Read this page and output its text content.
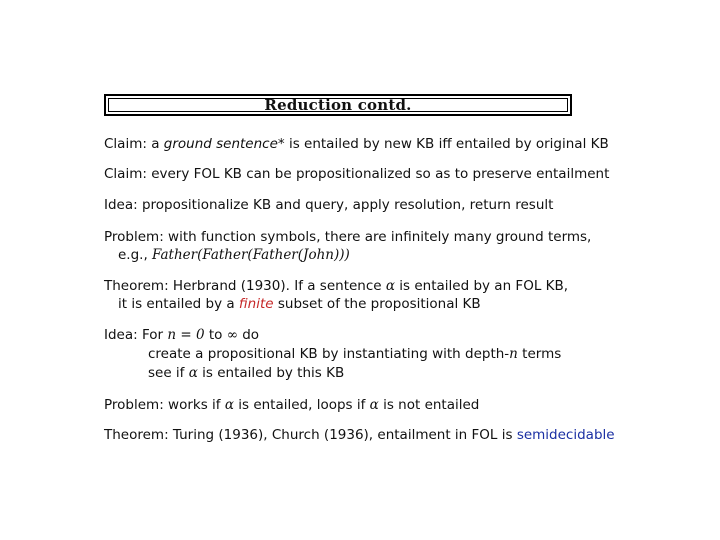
Reduction contd.
Claim: a ground sentence* is entailed by new KB iff entailed by original KB
Claim: every FOL KB can be propositionalized so as to preserve entailment
Idea: propositionalize KB and query, apply resolution, return result
Problem: with function symbols, there are infinitely many ground terms,
e.g., Father(Father(Father(John)))
Theorem: Herbrand (1930). If a sentence α is entailed by an FOL KB,
it is entailed by a finite subset of the propositional KB
Idea: For n = 0 to ∞ do
create a propositional KB by instantiating with depth-n terms
see if α is entailed by this KB
Problem: works if α is entailed, loops if α is not entailed
Theorem: Turing (1936), Church (1936), entailment in FOL is semidecidable
